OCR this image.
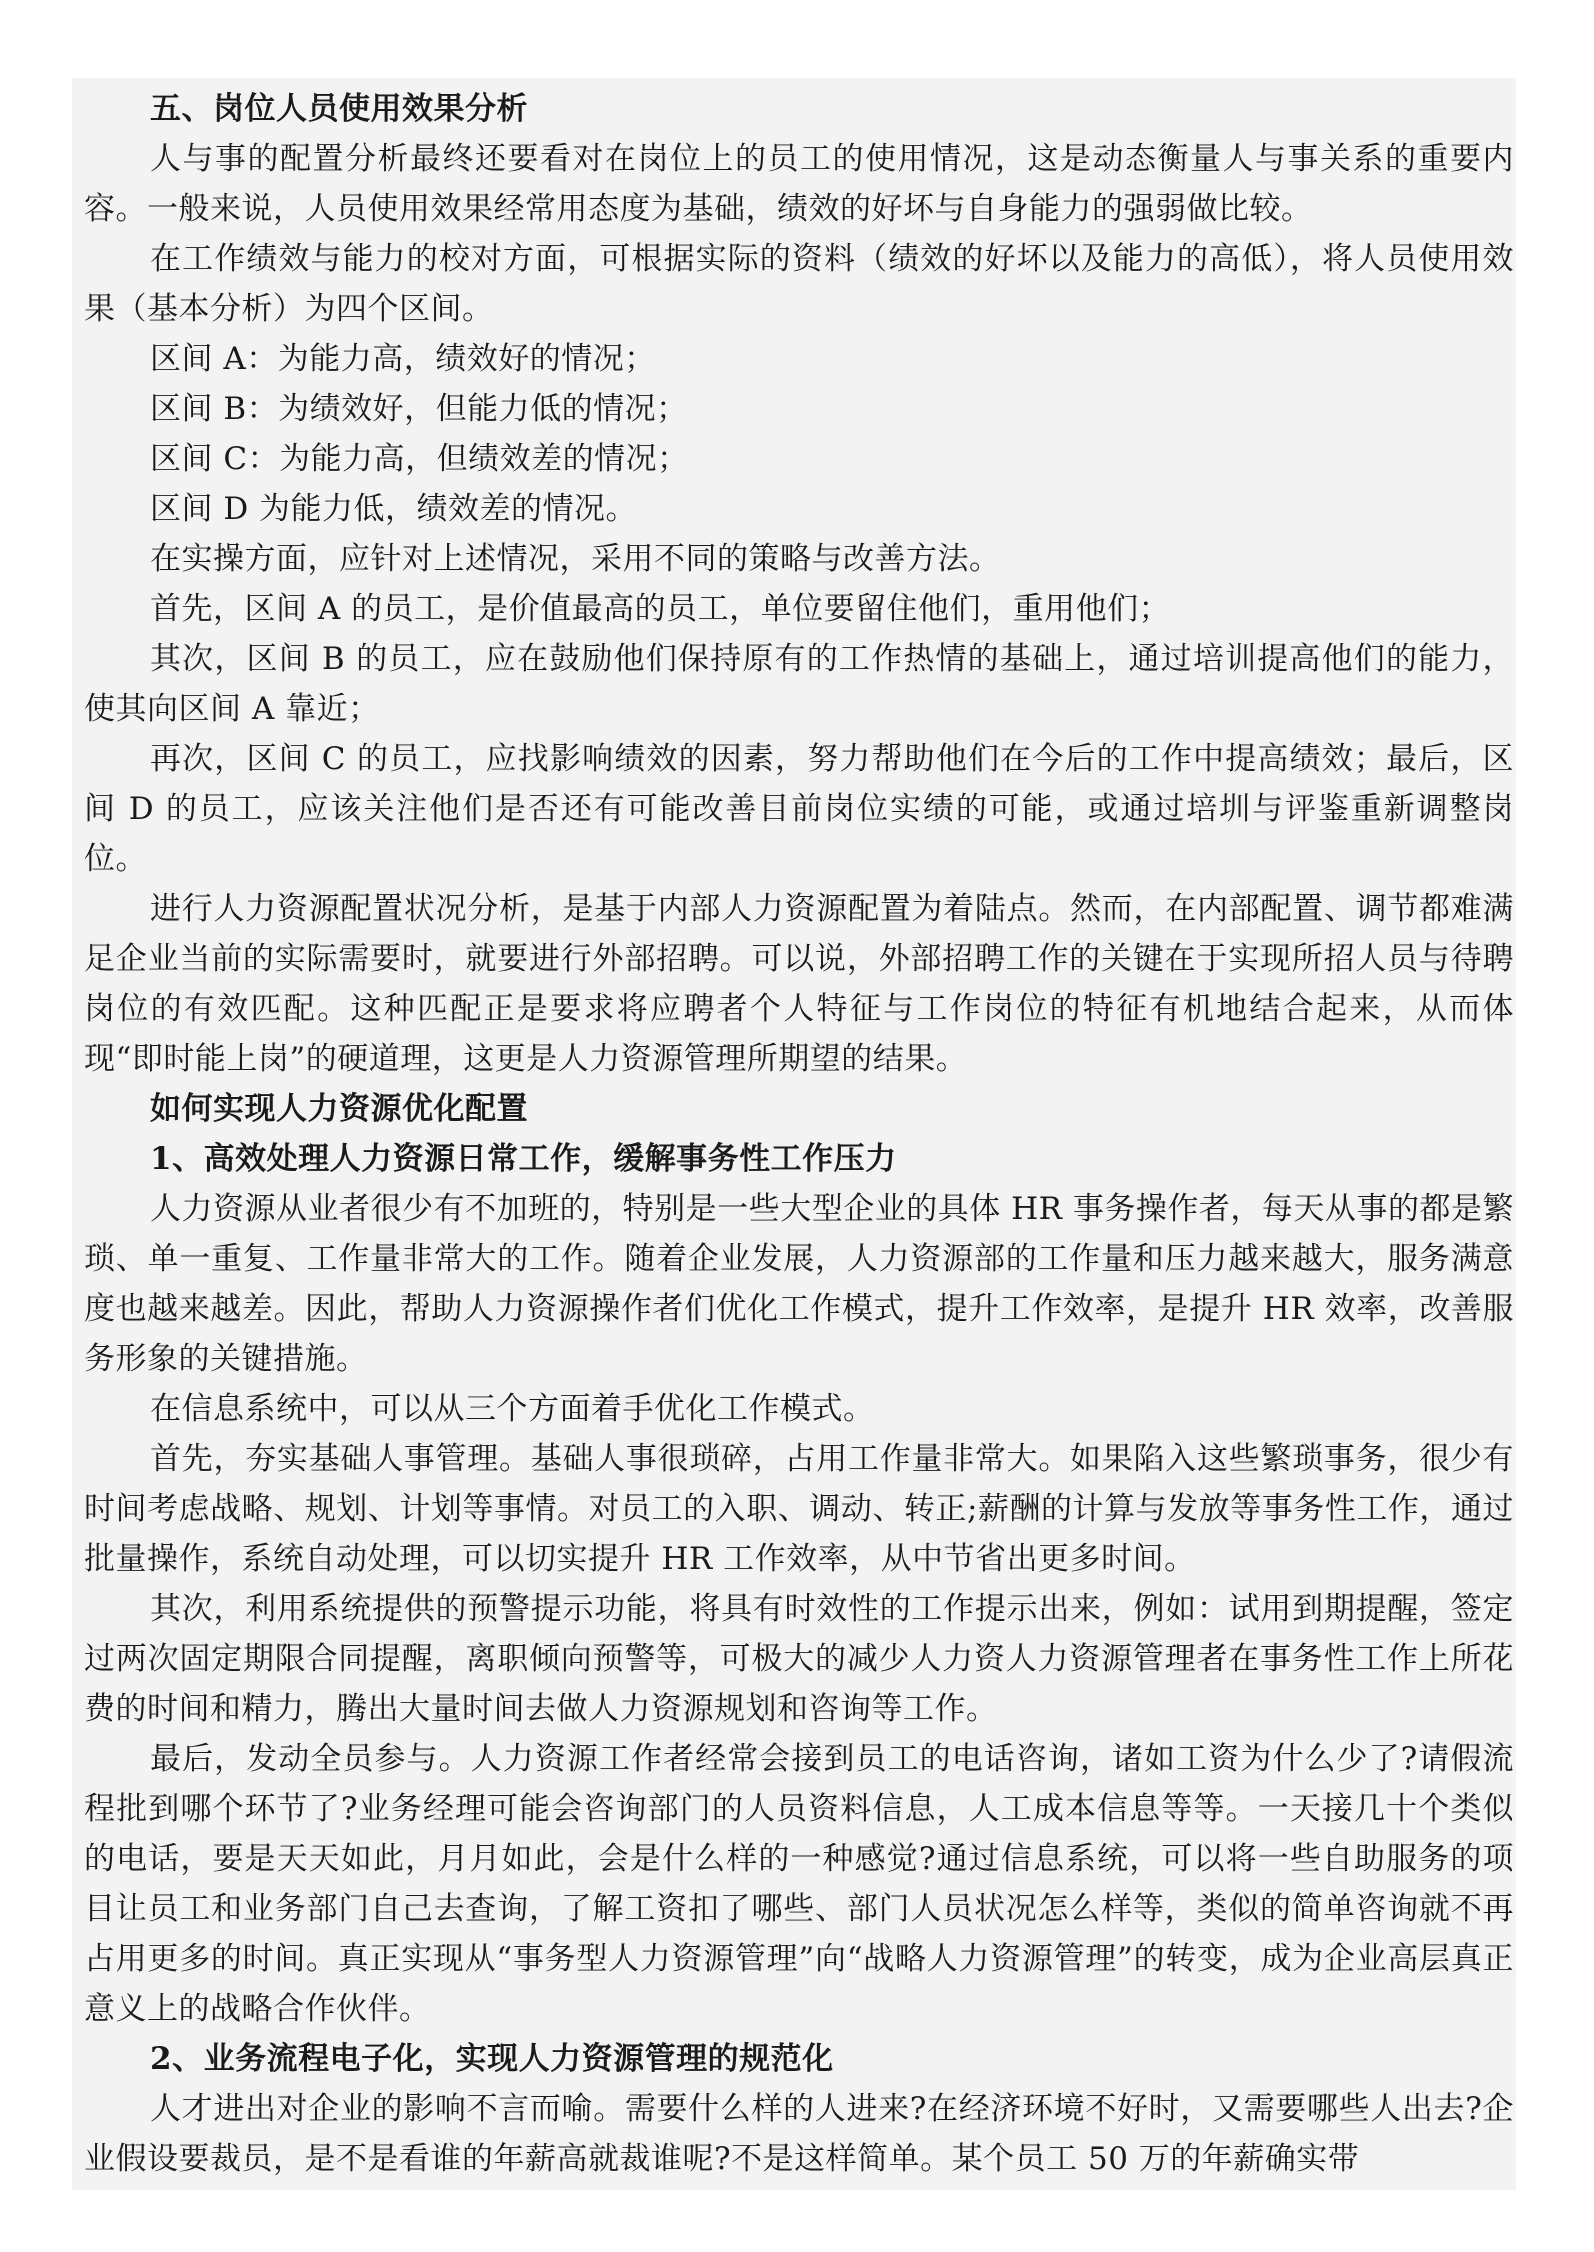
五、岗位人员使用效果分析

人与事的配置分析最终还要看对在岗位上的员工的使用情况，这是动态衡量人与事关系的重要内容。一般来说，人员使用效果经常用态度为基础，绩效的好坏与自身能力的强弱做比较。

在工作绩效与能力的校对方面，可根据实际的资料（绩效的好坏以及能力的高低），将人员使用效果（基本分析）为四个区间。

区间 A：为能力高，绩效好的情况；

区间 B：为绩效好，但能力低的情况；

区间 C：为能力高，但绩效差的情况；

区间 D 为能力低，绩效差的情况。

在实操方面，应针对上述情况，采用不同的策略与改善方法。

首先，区间 A 的员工，是价值最高的员工，单位要留住他们，重用他们；

其次，区间 B 的员工，应在鼓励他们保持原有的工作热情的基础上，通过培训提高他们的能力，使其向区间 A 靠近；

再次，区间 C 的员工，应找影响绩效的因素，努力帮助他们在今后的工作中提高绩效；最后，区间 D 的员工，应该关注他们是否还有可能改善目前岗位实绩的可能，或通过培圳与评鉴重新调整岗位。

进行人力资源配置状况分析，是基于内部人力资源配置为着陆点。然而，在内部配置、调节都难满足企业当前的实际需要时，就要进行外部招聘。可以说，外部招聘工作的关键在于实现所招人员与待聘岗位的有效匹配。这种匹配正是要求将应聘者个人特征与工作岗位的特征有机地结合起来，从而体现“即时能上岗”的硬道理，这更是人力资源管理所期望的结果。

如何实现人力资源优化配置

1、高效处理人力资源日常工作，缓解事务性工作压力

人力资源从业者很少有不加班的，特别是一些大型企业的具体 HR 事务操作者，每天从事的都是繁琐、单一重复、工作量非常大的工作。随着企业发展，人力资源部的工作量和压力越来越大，服务满意度也越来越差。因此，帮助人力资源操作者们优化工作模式，提升工作效率，是提升 HR 效率，改善服务形象的关键措施。

在信息系统中，可以从三个方面着手优化工作模式。

首先，夯实基础人事管理。基础人事很琐碎，占用工作量非常大。如果陷入这些繁琐事务，很少有时间考虑战略、规划、计划等事情。对员工的入职、调动、转正;薪酬的计算与发放等事务性工作，通过批量操作，系统自动处理，可以切实提升 HR 工作效率，从中节省出更多时间。

其次，利用系统提供的预警提示功能，将具有时效性的工作提示出来，例如：试用到期提醒，签定过两次固定期限合同提醒，离职倾向预警等，可极大的减少人力资人力资源管理者在事务性工作上所花费的时间和精力，腾出大量时间去做人力资源规划和咨询等工作。

最后，发动全员参与。人力资源工作者经常会接到员工的电话咨询，诸如工资为什么少了?请假流程批到哪个环节了?业务经理可能会咨询部门的人员资料信息，人工成本信息等等。一天接几十个类似的电话，要是天天如此，月月如此，会是什么样的一种感觉?通过信息系统，可以将一些自助服务的项目让员工和业务部门自己去查询，了解工资扣了哪些、部门人员状况怎么样等，类似的简单咨询就不再占用更多的时间。真正实现从“事务型人力资源管理”向“战略人力资源管理”的转变，成为企业高层真正意义上的战略合作伙伴。

2、业务流程电子化，实现人力资源管理的规范化

人才进出对企业的影响不言而喻。需要什么样的人进来?在经济环境不好时，又需要哪些人出去?企业假设要裁员，是不是看谁的年薪高就裁谁呢?不是这样简单。某个员工 50 万的年薪确实带
